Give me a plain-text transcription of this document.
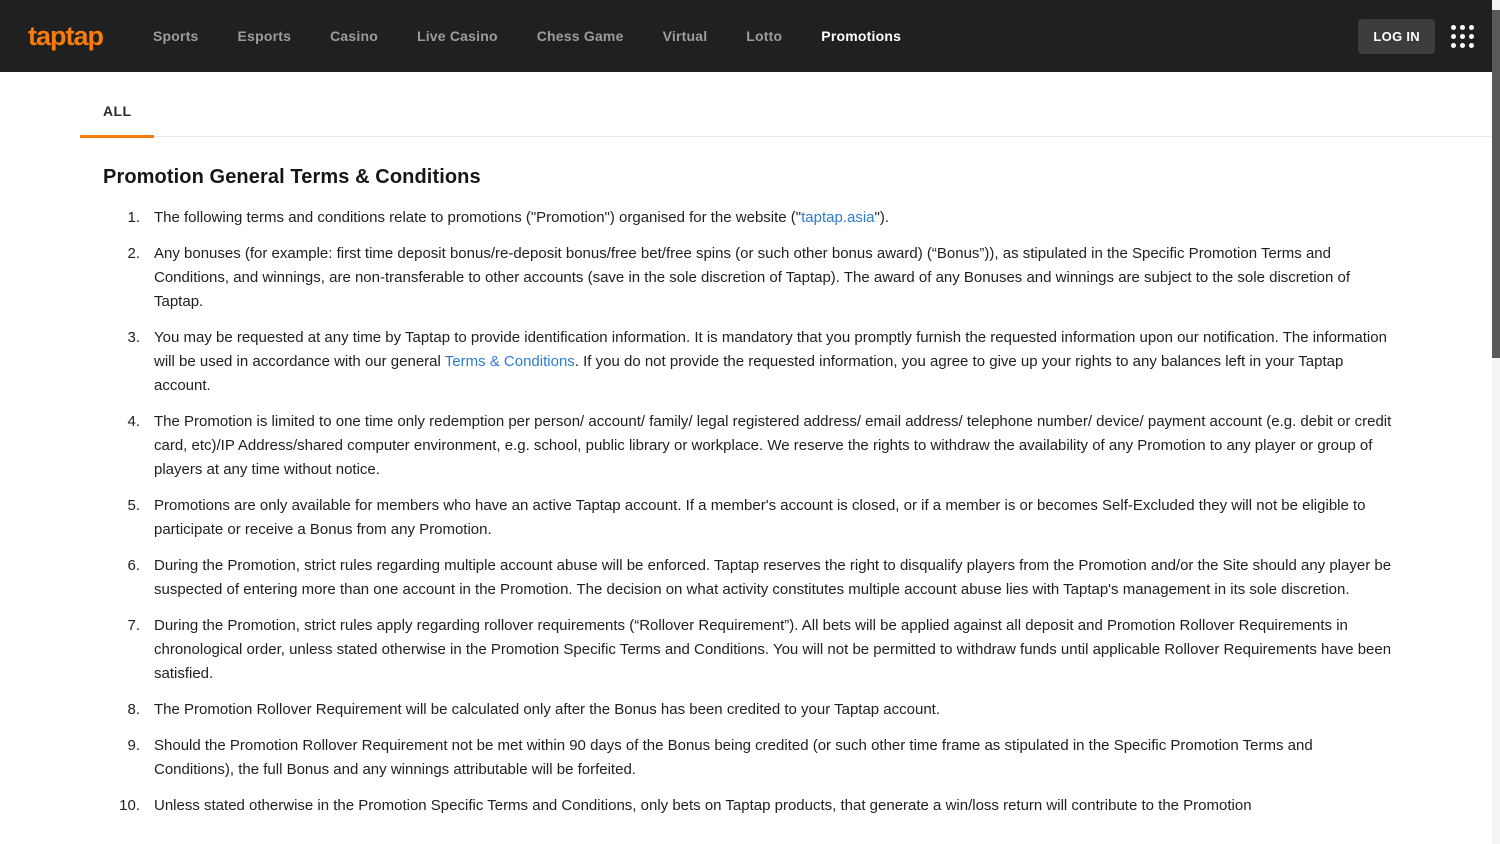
taptap	Sports	Esports	Casino	Live Casino	Chess Game	Virtual	Lotto	Promotions	LOG IN
ALL
Promotion General Terms & Conditions
The following terms and conditions relate to promotions ("Promotion") organised for the website ("taptap.asia").
Any bonuses (for example: first time deposit bonus/re-deposit bonus/free bet/free spins (or such other bonus award) (“Bonus”)), as stipulated in the Specific Promotion Terms and Conditions, and winnings, are non-transferable to other accounts (save in the sole discretion of Taptap). The award of any Bonuses and winnings are subject to the sole discretion of Taptap.
You may be requested at any time by Taptap to provide identification information. It is mandatory that you promptly furnish the requested information upon our notification. The information will be used in accordance with our general Terms & Conditions. If you do not provide the requested information, you agree to give up your rights to any balances left in your Taptap account.
The Promotion is limited to one time only redemption per person/ account/ family/ legal registered address/ email address/ telephone number/ device/ payment account (e.g. debit or credit card, etc)/IP Address/shared computer environment, e.g. school, public library or workplace. We reserve the rights to withdraw the availability of any Promotion to any player or group of players at any time without notice.
Promotions are only available for members who have an active Taptap account. If a member's account is closed, or if a member is or becomes Self-Excluded they will not be eligible to participate or receive a Bonus from any Promotion.
During the Promotion, strict rules regarding multiple account abuse will be enforced. Taptap reserves the right to disqualify players from the Promotion and/or the Site should any player be suspected of entering more than one account in the Promotion. The decision on what activity constitutes multiple account abuse lies with Taptap's management in its sole discretion.
During the Promotion, strict rules apply regarding rollover requirements (“Rollover Requirement”). All bets will be applied against all deposit and Promotion Rollover Requirements in chronological order, unless stated otherwise in the Promotion Specific Terms and Conditions. You will not be permitted to withdraw funds until applicable Rollover Requirements have been satisfied.
The Promotion Rollover Requirement will be calculated only after the Bonus has been credited to your Taptap account.
Should the Promotion Rollover Requirement not be met within 90 days of the Bonus being credited (or such other time frame as stipulated in the Specific Promotion Terms and Conditions), the full Bonus and any winnings attributable will be forfeited.
Unless stated otherwise in the Promotion Specific Terms and Conditions, only bets on Taptap products, that generate a win/loss return will contribute to the Promotion
